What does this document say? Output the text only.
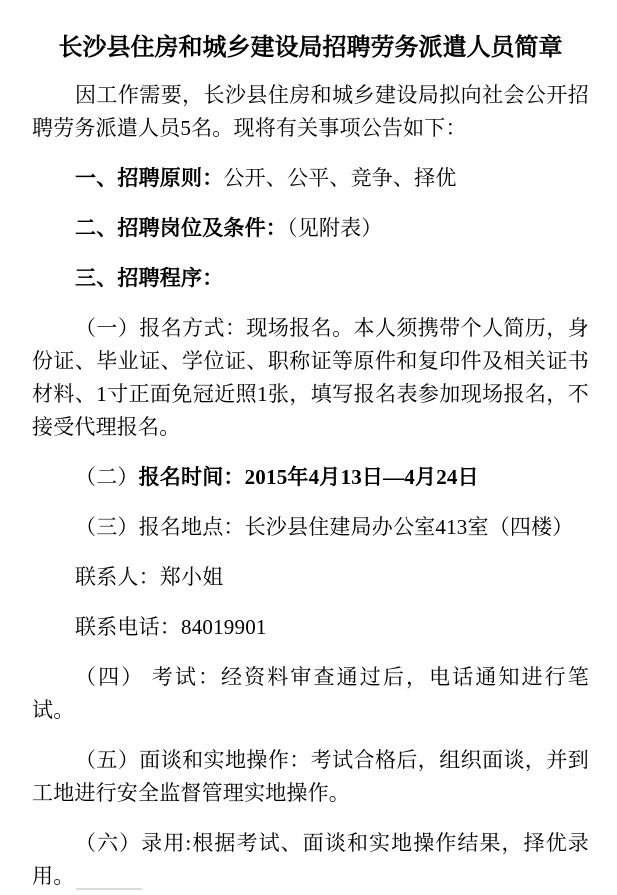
长沙县住房和城乡建设局招聘劳务派遣人员简章

因工作需要，长沙县住房和城乡建设局拟向社会公开招聘劳务派遣人员5名。现将有关事项公告如下：

一、招聘原则：公开、公平、竞争、择优

二、招聘岗位及条件：（见附表）

三、招聘程序：

（一）报名方式：现场报名。本人须携带个人简历，身份证、毕业证、学位证、职称证等原件和复印件及相关证书材料、1寸正面免冠近照1张，填写报名表参加现场报名，不接受代理报名。

（二）报名时间：2015年4月13日—4月24日

（三）报名地点：长沙县住建局办公室413室（四楼）

联系人：郑小姐

联系电话：84019901

（四） 考试：经资料审查通过后，电话通知进行笔试。

（五）面谈和实地操作：考试合格后，组织面谈，并到工地进行安全监督管理实地操作。

（六）录用:根据考试、面谈和实地操作结果，择优录用。
